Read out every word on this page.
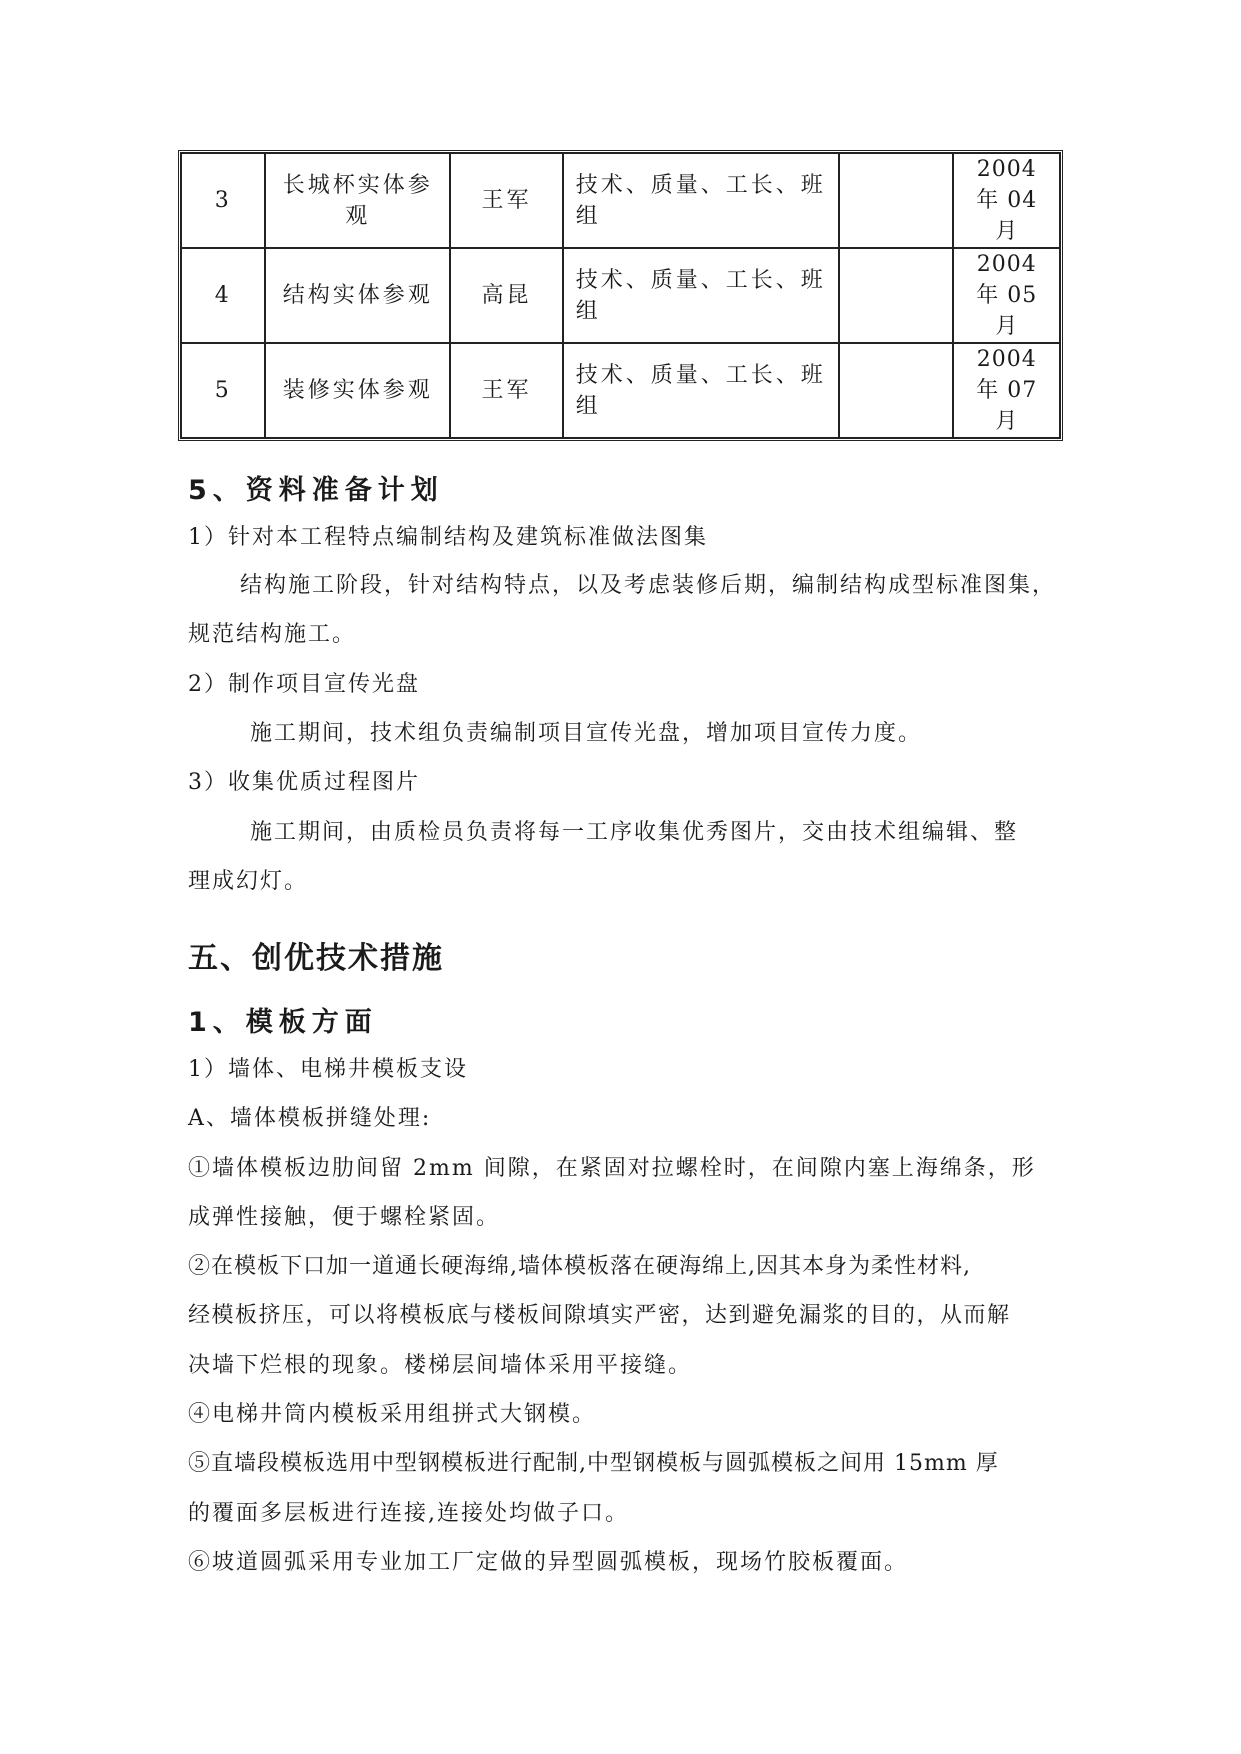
3	长城杯实体参观	王军	技术、质量、工长、班组		2004
年 04
月

4	结构实体参观	高昆	技术、质量、工长、班组		2004
年 05
月

5	装修实体参观	王军	技术、质量、工长、班组		2004
年 07
月
5、资料准备计划
1）针对本工程特点编制结构及建筑标准做法图集
结构施工阶段，针对结构特点，以及考虑装修后期，编制结构成型标准图集，
规范结构施工。
2）制作项目宣传光盘
施工期间，技术组负责编制项目宣传光盘，增加项目宣传力度。
3）收集优质过程图片
施工期间，由质检员负责将每一工序收集优秀图片，交由技术组编辑、整
理成幻灯。
五、创优技术措施
1、模板方面
1）墙体、电梯井模板支设
A、墙体模板拼缝处理:
①墙体模板边肋间留 2mm 间隙，在紧固对拉螺栓时，在间隙内塞上海绵条，形
成弹性接触，便于螺栓紧固。
②在模板下口加一道通长硬海绵,墙体模板落在硬海绵上,因其本身为柔性材料,
经模板挤压，可以将模板底与楼板间隙填实严密，达到避免漏浆的目的，从而解
决墙下烂根的现象。楼梯层间墙体采用平接缝。
④电梯井筒内模板采用组拼式大钢模。
⑤直墙段模板选用中型钢模板进行配制,中型钢模板与圆弧模板之间用 15mm 厚
的覆面多层板进行连接,连接处均做子口。
⑥坡道圆弧采用专业加工厂定做的异型圆弧模板，现场竹胶板覆面。
